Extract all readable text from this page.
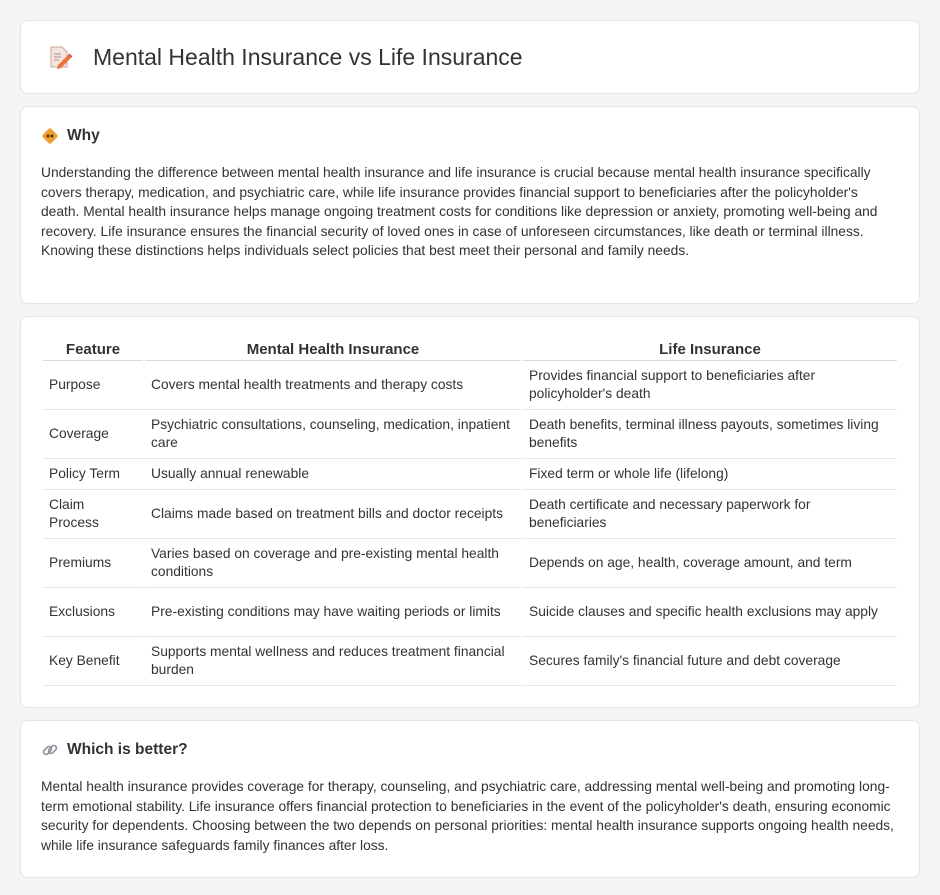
Mental Health Insurance vs Life Insurance
Why

Understanding the difference between mental health insurance and life insurance is crucial because mental health insurance specifically covers therapy, medication, and psychiatric care, while life insurance provides financial support to beneficiaries after the policyholder's death. Mental health insurance helps manage ongoing treatment costs for conditions like depression or anxiety, promoting well-being and recovery. Life insurance ensures the financial security of loved ones in case of unforeseen circumstances, like death or terminal illness. Knowing these distinctions helps individuals select policies that best meet their personal and family needs.

Feature	Mental Health Insurance	Life Insurance
Purpose	Covers mental health treatments and therapy costs	Provides financial support to beneficiaries after policyholder's death
Coverage	Psychiatric consultations, counseling, medication, inpatient care	Death benefits, terminal illness payouts, sometimes living benefits
Policy Term	Usually annual renewable	Fixed term or whole life (lifelong)
Claim Process	Claims made based on treatment bills and doctor receipts	Death certificate and necessary paperwork for beneficiaries
Premiums	Varies based on coverage and pre-existing mental health conditions	Depends on age, health, coverage amount, and term
Exclusions	Pre-existing conditions may have waiting periods or limits	Suicide clauses and specific health exclusions may apply
Key Benefit	Supports mental wellness and reduces treatment financial burden	Secures family's financial future and debt coverage
Which is better?

Mental health insurance provides coverage for therapy, counseling, and psychiatric care, addressing mental well-being and promoting long-term emotional stability. Life insurance offers financial protection to beneficiaries in the event of the policyholder's death, ensuring economic security for dependents. Choosing between the two depends on personal priorities: mental health insurance supports ongoing health needs, while life insurance safeguards family finances after loss.
